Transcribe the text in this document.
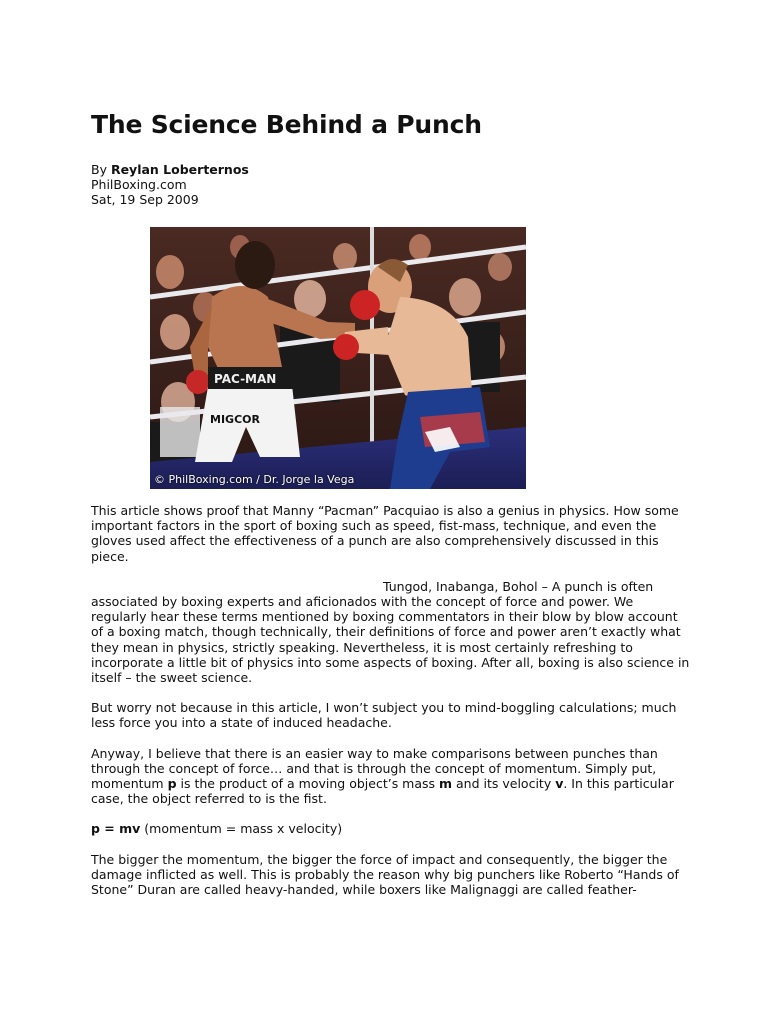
The Science Behind a Punch
By Reylan Loberternos
PhilBoxing.com
Sat, 19 Sep 2009
PAC-MAN
MIGCOR
© PhilBoxing.com / Dr. Jorge la Vega

This article shows proof that Manny “Pacman” Pacquiao is also a genius in physics. How some important factors in the sport of boxing such as speed, fist-mass, technique, and even the gloves used affect the effectiveness of a punch are also comprehensively discussed in this piece.

Tungod, Inabanga, Bohol – A punch is often associated by boxing experts and aficionados with the concept of force and power. We regularly hear these terms mentioned by boxing commentators in their blow by blow account of a boxing match, though technically, their definitions of force and power aren’t exactly what they mean in physics, strictly speaking. Nevertheless, it is most certainly refreshing to incorporate a little bit of physics into some aspects of boxing. After all, boxing is also science in itself – the sweet science.

But worry not because in this article, I won’t subject you to mind-boggling calculations; much less force you into a state of induced headache.

Anyway, I believe that there is an easier way to make comparisons between punches than through the concept of force… and that is through the concept of momentum. Simply put, momentum p is the product of a moving object’s mass m and its velocity v. In this particular case, the object referred to is the fist.

p = mv (momentum = mass x velocity)

The bigger the momentum, the bigger the force of impact and consequently, the bigger the damage inflicted as well. This is probably the reason why big punchers like Roberto “Hands of Stone” Duran are called heavy-handed, while boxers like Malignaggi are called feather-
